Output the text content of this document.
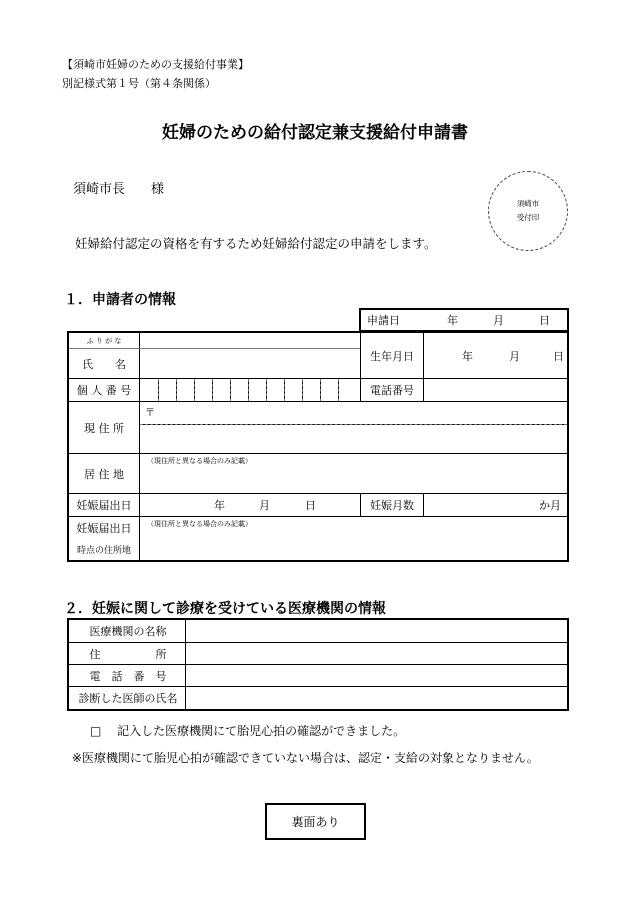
【須崎市妊婦のための支援給付事業】
別記様式第１号（第４条関係）
妊婦のための給付認定兼支援給付申請書
須崎市長　　様
須崎市
受付印
妊婦給付認定の資格を有するため妊婦給付認定の申請をします。
１．申請者の情報
申請日	年	月	日
ふ り が な
氏　　名
生年月日	年	月	日
個 人 番 号	電話番号
〒
現 住 所
居 住 地
（現住所と異なる場合のみ記載）
妊娠届出日	年	月	日	妊娠月数	か月
妊娠届出日
時点の住所地
（現住所と異なる場合のみ記載）
２．妊娠に関して診療を受けている医療機関の情報
医療機関の名称
住　　　　　所
電　話　番　号
診断した医師の氏名
□ 記入した医療機関にて胎児心拍の確認ができました。
※医療機関にて胎児心拍が確認できていない場合は、認定・支給の対象となりません。
裏面あり
